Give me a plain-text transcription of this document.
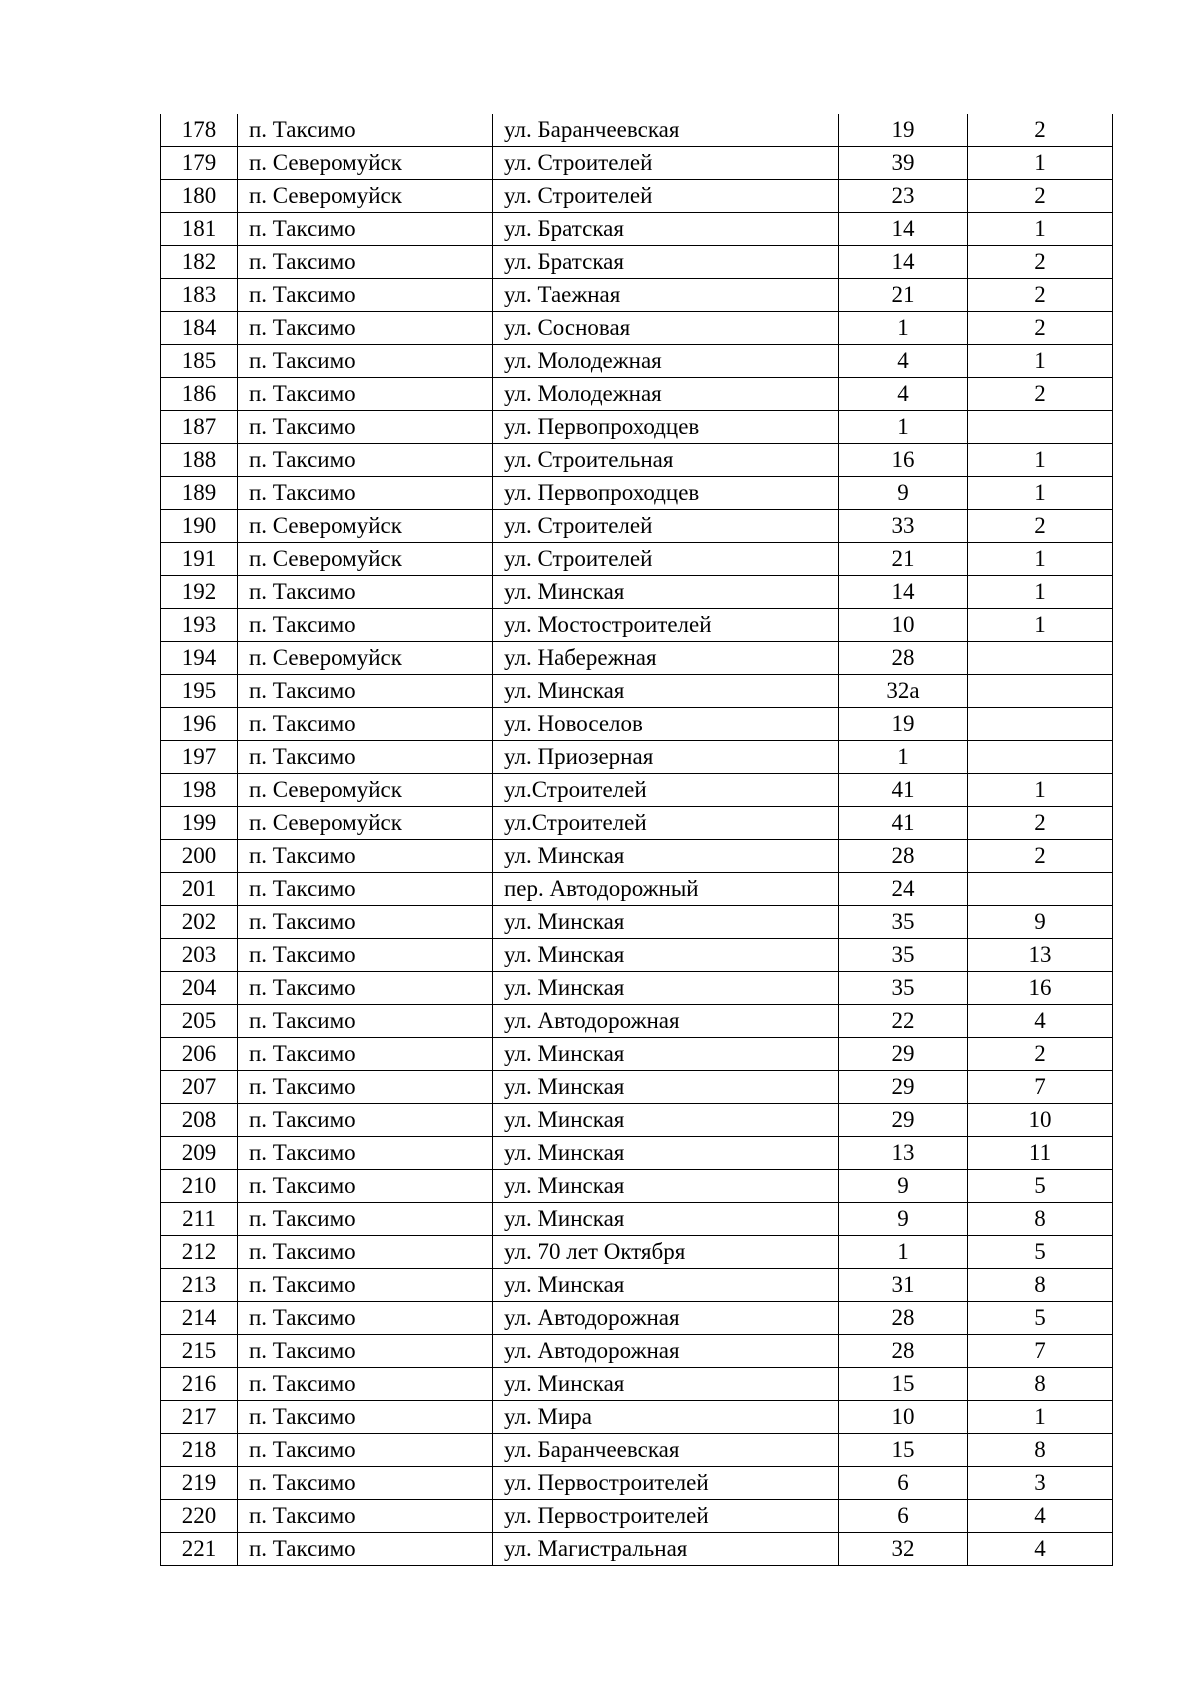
178	п. Таксимо	ул. Баранчеевская	19	2
179	п. Северомуйск	ул. Строителей	39	1
180	п. Северомуйск	ул. Строителей	23	2
181	п. Таксимо	ул. Братская	14	1
182	п. Таксимо	ул. Братская	14	2
183	п. Таксимо	ул. Таежная	21	2
184	п. Таксимо	ул. Сосновая	1	2
185	п. Таксимо	ул. Молодежная	4	1
186	п. Таксимо	ул. Молодежная	4	2
187	п. Таксимо	ул. Первопроходцев	1	
188	п. Таксимо	ул. Строительная	16	1
189	п. Таксимо	ул. Первопроходцев	9	1
190	п. Северомуйск	ул. Строителей	33	2
191	п. Северомуйск	ул. Строителей	21	1
192	п. Таксимо	ул. Минская	14	1
193	п. Таксимо	ул. Мостостроителей	10	1
194	п. Северомуйск	ул. Набережная	28	
195	п. Таксимо	ул. Минская	32а	
196	п. Таксимо	ул. Новоселов	19	
197	п. Таксимо	ул. Приозерная	1	
198	п. Северомуйск	ул.Строителей	41	1
199	п. Северомуйск	ул.Строителей	41	2
200	п. Таксимо	ул. Минская	28	2
201	п. Таксимо	пер. Автодорожный	24	
202	п. Таксимо	ул. Минская	35	9
203	п. Таксимо	ул. Минская	35	13
204	п. Таксимо	ул. Минская	35	16
205	п. Таксимо	ул. Автодорожная	22	4
206	п. Таксимо	ул. Минская	29	2
207	п. Таксимо	ул. Минская	29	7
208	п. Таксимо	ул. Минская	29	10
209	п. Таксимо	ул. Минская	13	11
210	п. Таксимо	ул. Минская	9	5
211	п. Таксимо	ул. Минская	9	8
212	п. Таксимо	ул. 70 лет Октября	1	5
213	п. Таксимо	ул. Минская	31	8
214	п. Таксимо	ул. Автодорожная	28	5
215	п. Таксимо	ул. Автодорожная	28	7
216	п. Таксимо	ул. Минская	15	8
217	п. Таксимо	ул. Мира	10	1
218	п. Таксимо	ул. Баранчеевская	15	8
219	п. Таксимо	ул. Первостроителей	6	3
220	п. Таксимо	ул. Первостроителей	6	4
221	п. Таксимо	ул. Магистральная	32	4
